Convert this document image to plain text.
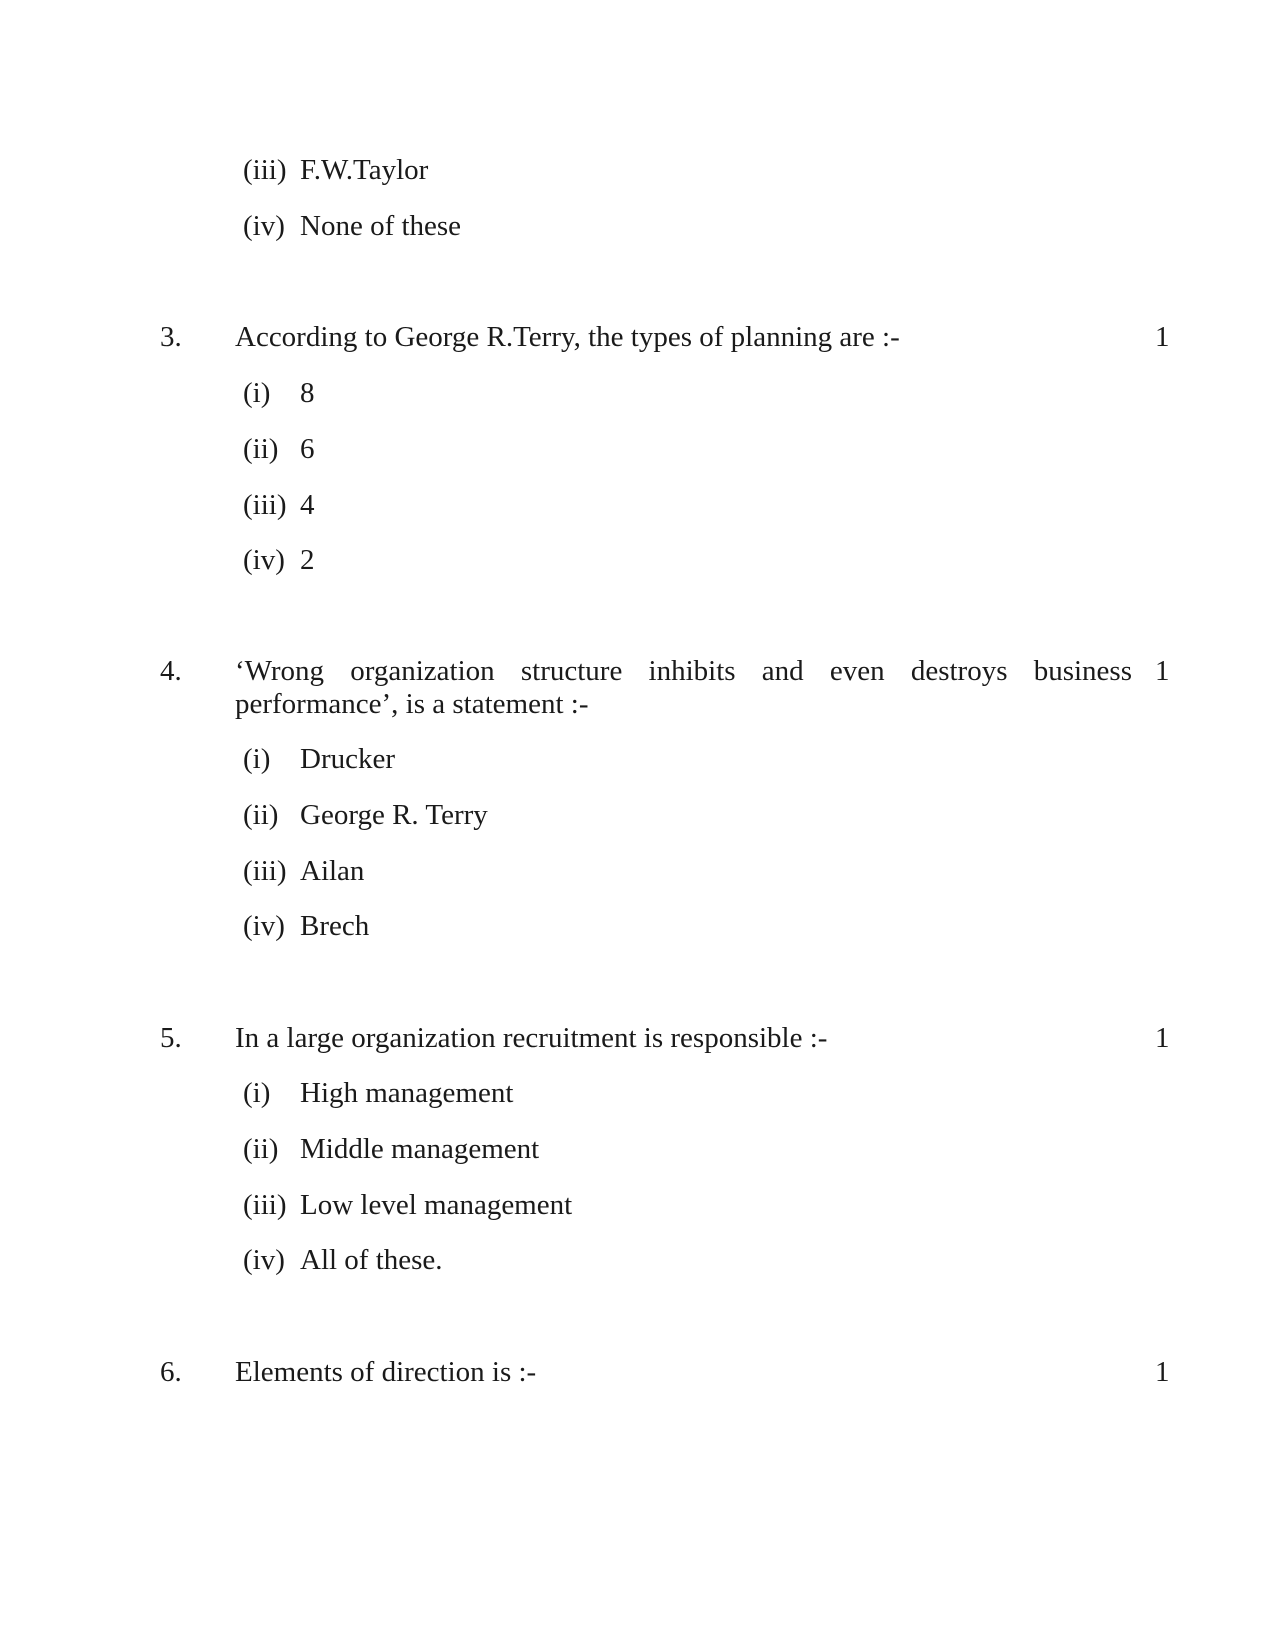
(iii) F.W.Taylor
(iv) None of these
3. According to George R.Terry, the types of planning are :-	1
(i) 8
(ii) 6
(iii) 4
(iv) 2
4. ‘Wrong organization structure inhibits and even destroys business
performance’, is a statement :-
1
(i) Drucker
(ii) George R. Terry
(iii) Ailan
(iv) Brech
5. In a large organization recruitment is responsible :-	1
(i) High management
(ii) Middle management
(iii) Low level management
(iv) All of these.
6. Elements of direction is :-	1
